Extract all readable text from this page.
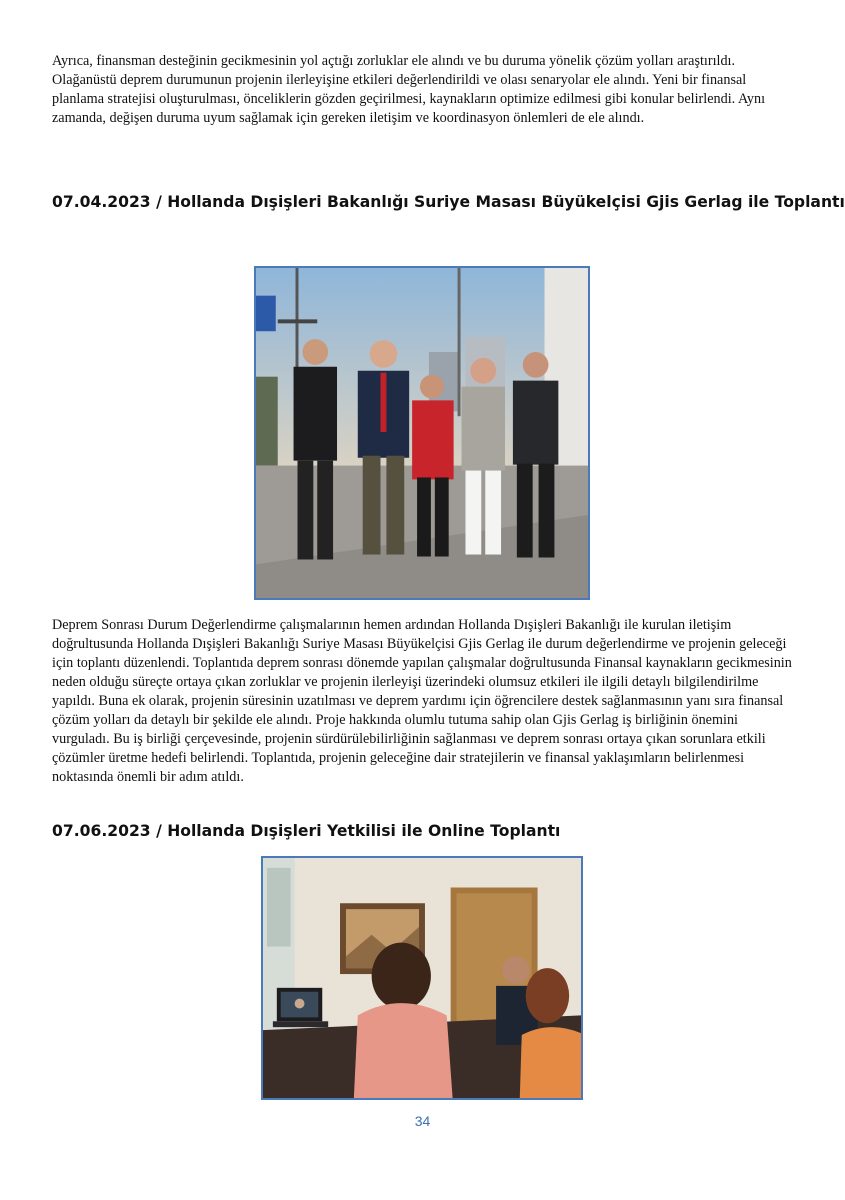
Ayrıca, finansman desteğinin gecikmesinin yol açtığı zorluklar ele alındı ve bu duruma yönelik çözüm yolları araştırıldı. Olağanüstü deprem durumunun projenin ilerleyişine etkileri değerlendirildi ve olası senaryolar ele alındı. Yeni bir finansal planlama stratejisi oluşturulması, önceliklerin gözden geçirilmesi, kaynakların optimize edilmesi gibi konular belirlendi. Aynı zamanda, değişen duruma uyum sağlamak için gereken iletişim ve koordinasyon önlemleri de ele alındı.

07.04.2023 / Hollanda Dışişleri Bakanlığı Suriye Masası Büyükelçisi Gjis Gerlag ile Toplantı

Deprem Sonrası Durum Değerlendirme çalışmalarının hemen ardından Hollanda Dışişleri Bakanlığı ile kurulan iletişim doğrultusunda Hollanda Dışişleri Bakanlığı Suriye Masası Büyükelçisi Gjis Gerlag ile durum değerlendirme ve projenin geleceği için toplantı düzenlendi. Toplantıda deprem sonrası dönemde yapılan çalışmalar doğrultusunda Finansal kaynakların gecikmesinin neden olduğu süreçte ortaya çıkan zorluklar ve projenin ilerleyişi üzerindeki olumsuz etkileri ile ilgili detaylı bilgilendirilme yapıldı. Buna ek olarak, projenin süresinin uzatılması ve deprem yardımı için öğrencilere destek sağlanmasının yanı sıra finansal çözüm yolları da detaylı bir şekilde ele alındı. Proje hakkında olumlu tutuma sahip olan Gjis Gerlag iş birliğinin önemini vurguladı. Bu iş birliği çerçevesinde, projenin sürdürülebilirliğinin sağlanması ve deprem sonrası ortaya çıkan sorunlara etkili çözümler üretme hedefi belirlendi. Toplantıda, projenin geleceğine dair stratejilerin ve finansal yaklaşımların belirlenmesi noktasında önemli bir adım atıldı.

07.06.2023 / Hollanda Dışişleri Yetkilisi ile Online Toplantı
34
